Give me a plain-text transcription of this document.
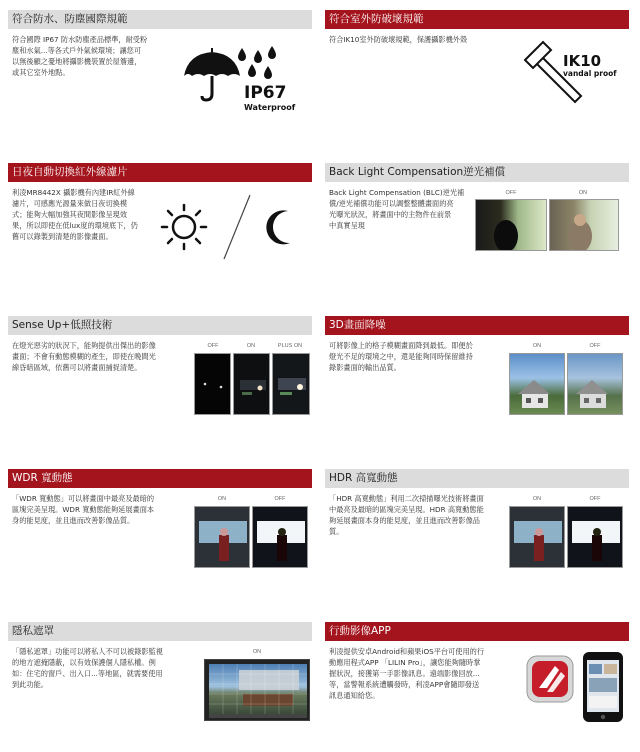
符合防水、防塵國際規範
符合國際 IP67 防水防塵產品標準，耐受粉
塵和水氣...等各式戶外氣候環境；讓您可
以無後顧之憂地將攝影機裝置於屋簷邊，
或其它室外地點。
IP67
Waterproof
符合室外防破壞規範
符合IK10室外防破壞規範，保護攝影機外殼
IK10
vandal proof
日夜自動切換紅外線濾片
利凌MR8442X 攝影機有內建IR紅外線
濾片，可感應光源量來做日夜切換模
式；能夠大幅加強其夜間影像呈現效
果，所以即使在低lux度的環境底下，仍
舊可以錄製到清楚的影像畫面。
Back Light Compensation逆光補償
Back Light Compensation (BLC)逆光補
償/逆光補償功能可以調整整體畫面的亮
光曝光狀況，將畫面中的主物件在前景
中真實呈現
OFF	ON
Sense Up+低照技術
在燈光惡劣的狀況下，能夠提供出傑出的影像
畫面；不會有動態模糊的產生，即使在晚間光
線昏暗區域，依舊可以將畫面捕捉清楚。
OFF	ON	PLUS ON
3D畫面降噪
可將影像上的格子模糊畫面降到最低。即便於
燈光不足的環境之中，還是能夠同時保留維持
錄影畫面的輸出品質。
ON	OFF
WDR 寬動態
「WDR 寬動態」可以將畫面中最亮及最暗的
區塊完美呈現。WDR 寬動態能夠延展畫面本
身的能見度，並且進而改善影像品質。
ON	OFF
HDR 高寬動態
「HDR 高寬動態」利用二次掃描曝光技術將畫面
中最亮及最暗的區塊完美呈現。HDR 高寬動態能
夠延展畫面本身的能見度，並且進而改善影像品
質。
ON	OFF
隱私遮罩
「隱私遮罩」功能可以將私人不可以被錄影監視
的地方遮掩隱蔽，以有效保護個人隱私權。例
如：住宅的窗戶、出入口...等地區，就需要使用
到此功能。
ON
行動影像APP
利凌提供安卓Android和蘋果iOS平台可使用的行
動應用程式APP 「LILIN Pro」，讓您能夠隨時掌
握狀況，接獲第一手影像訊息。遠端影像回放...
等，當警報系統遭觸發時，利凌APP會隨即發送
訊息通知給您。
